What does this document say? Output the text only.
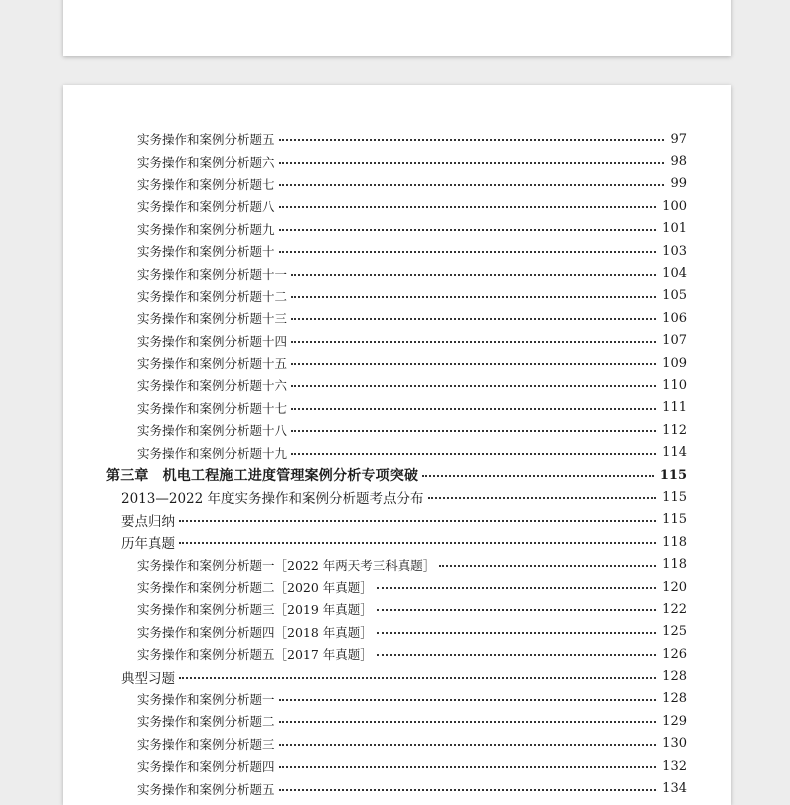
实务操作和案例分析题五	97
实务操作和案例分析题六	98
实务操作和案例分析题七	99
实务操作和案例分析题八	100
实务操作和案例分析题九	101
实务操作和案例分析题十	103
实务操作和案例分析题十一	104
实务操作和案例分析题十二	105
实务操作和案例分析题十三	106
实务操作和案例分析题十四	107
实务操作和案例分析题十五	109
实务操作和案例分析题十六	110
实务操作和案例分析题十七	111
实务操作和案例分析题十八	112
实务操作和案例分析题十九	114
第三章 机电工程施工进度管理案例分析专项突破	115
2013—2022 年度实务操作和案例分析题考点分布	115
要点归纳	115
历年真题	118
实务操作和案例分析题一［2022 年两天考三科真题］	118
实务操作和案例分析题二［2020 年真题］	120
实务操作和案例分析题三［2019 年真题］	122
实务操作和案例分析题四［2018 年真题］	125
实务操作和案例分析题五［2017 年真题］	126
典型习题	128
实务操作和案例分析题一	128
实务操作和案例分析题二	129
实务操作和案例分析题三	130
实务操作和案例分析题四	132
实务操作和案例分析题五	134
